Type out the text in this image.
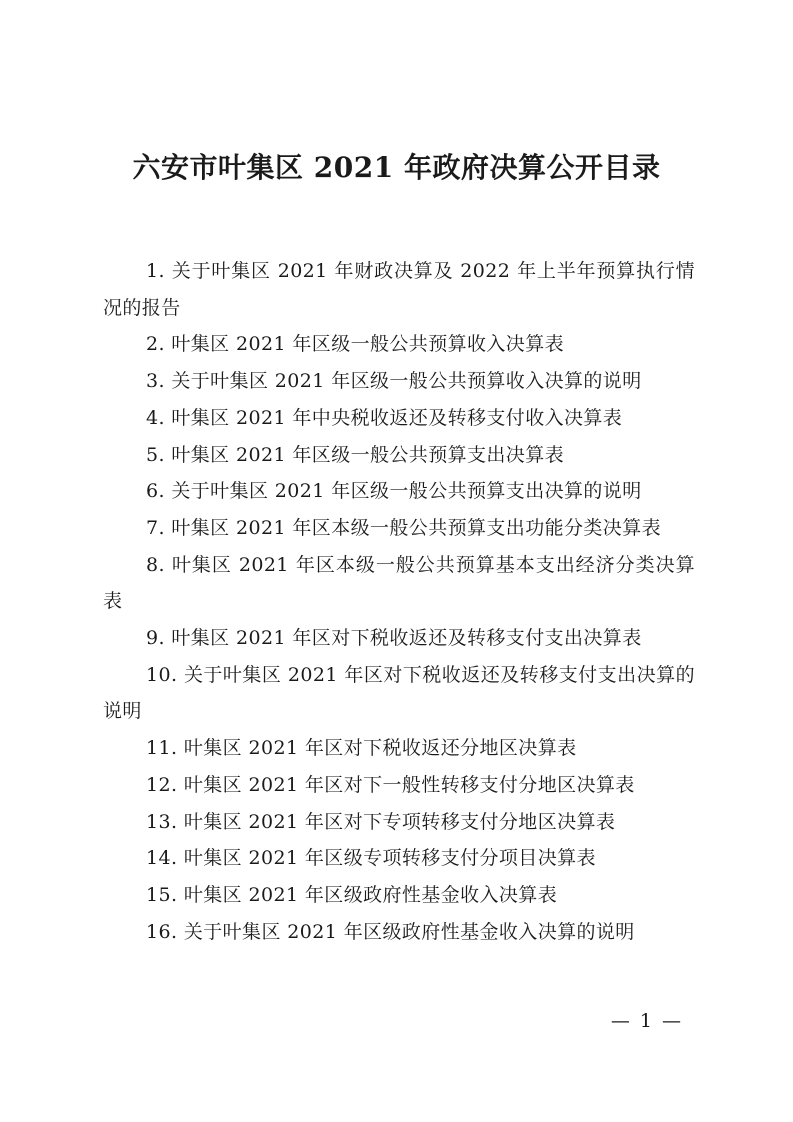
六安市叶集区 2021 年政府决算公开目录
1. 关于叶集区 2021 年财政决算及 2022 年上半年预算执行情况的报告
2. 叶集区 2021 年区级一般公共预算收入决算表
3. 关于叶集区 2021 年区级一般公共预算收入决算的说明
4. 叶集区 2021 年中央税收返还及转移支付收入决算表
5. 叶集区 2021 年区级一般公共预算支出决算表
6. 关于叶集区 2021 年区级一般公共预算支出决算的说明
7. 叶集区 2021 年区本级一般公共预算支出功能分类决算表
8. 叶集区 2021 年区本级一般公共预算基本支出经济分类决算表
9. 叶集区 2021 年区对下税收返还及转移支付支出决算表
10. 关于叶集区 2021 年区对下税收返还及转移支付支出决算的说明
11. 叶集区 2021 年区对下税收返还分地区决算表
12. 叶集区 2021 年区对下一般性转移支付分地区决算表
13. 叶集区 2021 年区对下专项转移支付分地区决算表
14. 叶集区 2021 年区级专项转移支付分项目决算表
15. 叶集区 2021 年区级政府性基金收入决算表
16. 关于叶集区 2021 年区级政府性基金收入决算的说明
— 1 —
